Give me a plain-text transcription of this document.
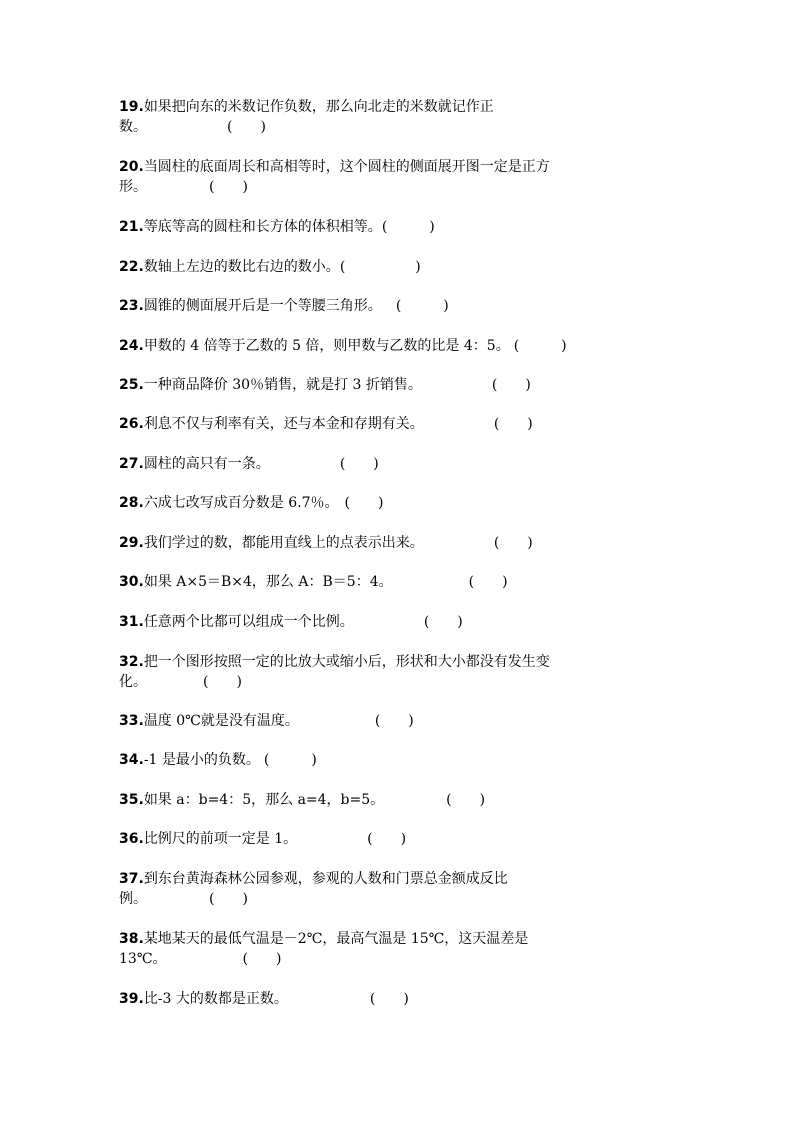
19.如果把向东的米数记作负数，那么向北走的米数就记作正
数。	(　　)
20.当圆柱的底面周长和高相等时，这个圆柱的侧面展开图一定是正方
形。	(　　)
21.等底等高的圆柱和长方体的体积相等。(　　　)
22.数轴上左边的数比右边的数小。(　　　　　)
23.圆锥的侧面展开后是一个等腰三角形。 (　　　)
24.甲数的 4 倍等于乙数的 5 倍，则甲数与乙数的比是 4：5。 (　　　)
25.一种商品降价 30％销售，就是打 3 折销售。	(　　)
26.利息不仅与利率有关，还与本金和存期有关。	(　　)
27.圆柱的高只有一条。	(　　)
28.六成七改写成百分数是 6.7％。 (　　)
29.我们学过的数，都能用直线上的点表示出来。	(　　)
30.如果 A×5＝B×4，那么 A：B＝5：4。	(　　)
31.任意两个比都可以组成一个比例。	(　　)
32.把一个图形按照一定的比放大或缩小后，形状和大小都没有发生变
化。	(　　)
33.温度 0℃就是没有温度。	(　　)
34.-1 是最小的负数。 (　　　)
35.如果 a：b=4：5，那么 a=4，b=5。	(　　)
36.比例尺的前项一定是 1。	(　　)
37.到东台黄海森林公园参观，参观的人数和门票总金额成反比
例。	(　　)
38.某地某天的最低气温是－2℃，最高气温是 15℃，这天温差是
13℃。	(　　)
39.比-3 大的数都是正数。	(　　)
